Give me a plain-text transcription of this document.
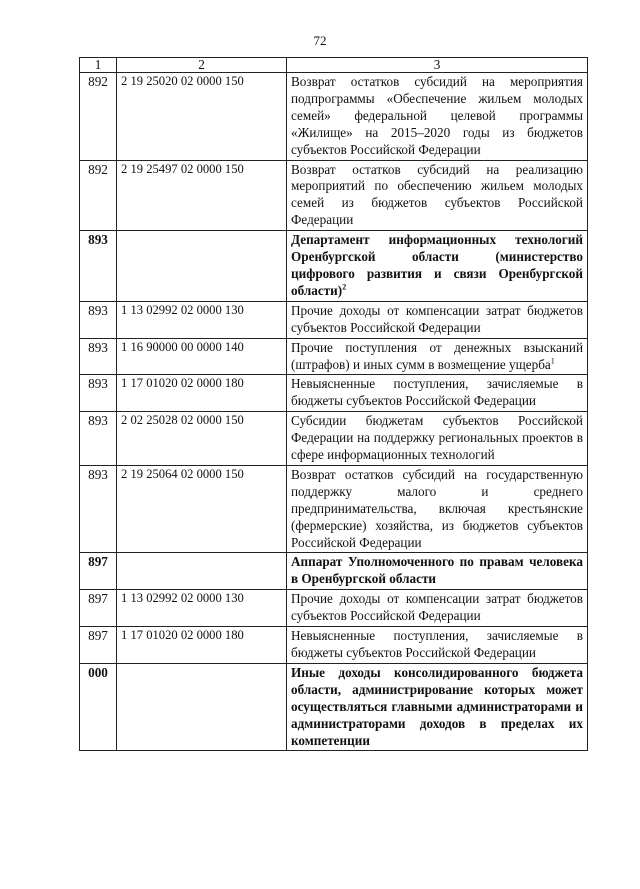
72
1	2	3
892	2 19 25020 02 0000 150	Возврат остатков субсидий на мероприятия подпрограммы «Обеспечение жильем молодых семей» федеральной целевой программы «Жилище» на 2015–2020 годы из бюджетов субъектов Российской Федерации
892	2 19 25497 02 0000 150	Возврат остатков субсидий на реализацию мероприятий по обеспечению жильем молодых семей из бюджетов субъектов Российской Федерации
893		Департамент информационных технологий Оренбургской области (министерство цифрового развития и связи Оренбургской области)$^2$
893	1 13 02992 02 0000 130	Прочие доходы от компенсации затрат бюджетов субъектов Российской Федерации
893	1 16 90000 00 0000 140	Прочие поступления от денежных взысканий (штрафов) и иных сумм в возмещение ущерба$^1$
893	1 17 01020 02 0000 180	Невыясненные поступления, зачисляемые в бюджеты субъектов Российской Федерации
893	2 02 25028 02 0000 150	Субсидии бюджетам субъектов Российской Федерации на поддержку региональных проектов в сфере информационных технологий
893	2 19 25064 02 0000 150	Возврат остатков субсидий на государственную поддержку малого и среднего предпринимательства, включая крестьянские (фермерские) хозяйства, из бюджетов субъектов Российской Федерации
897		Аппарат Уполномоченного по правам человека в Оренбургской области
897	1 13 02992 02 0000 130	Прочие доходы от компенсации затрат бюджетов субъектов Российской Федерации
897	1 17 01020 02 0000 180	Невыясненные поступления, зачисляемые в бюджеты субъектов Российской Федерации
000		Иные доходы консолидированного бюджета области, администрирование которых может осуществляться главными администраторами и администраторами доходов в пределах их компетенции
